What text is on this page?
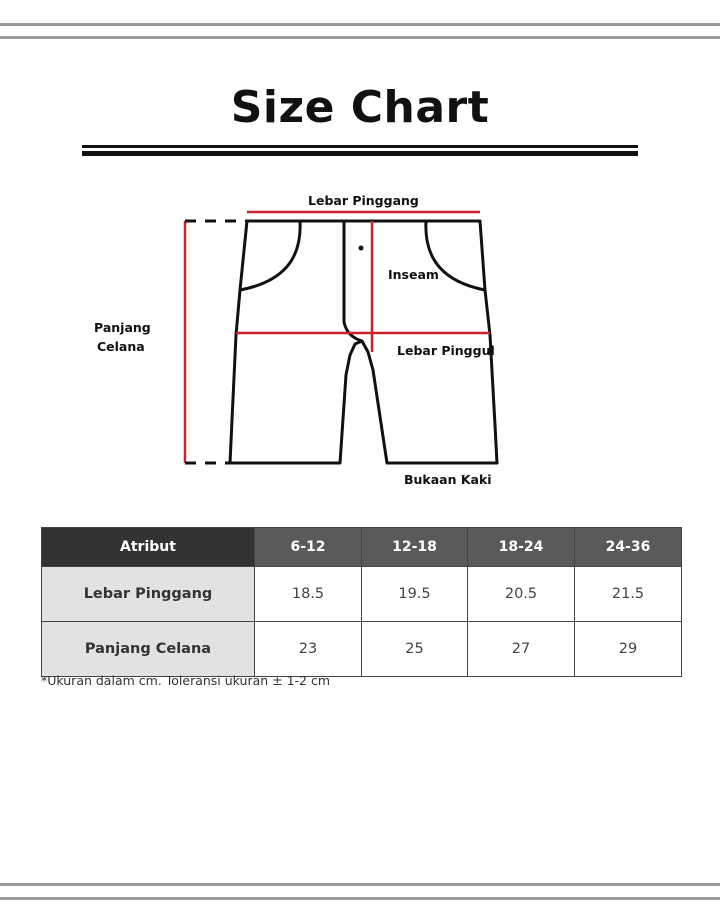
Size Chart
Lebar Pinggang
Panjang
Celana
Inseam
Lebar Pinggul
Bukaan Kaki
Atribut	6-12	12-18	18-24	24-36
Lebar Pinggang	18.5	19.5	20.5	21.5
Panjang Celana	23	25	27	29
*Ukuran dalam cm. Toleransi ukuran ± 1-2 cm
